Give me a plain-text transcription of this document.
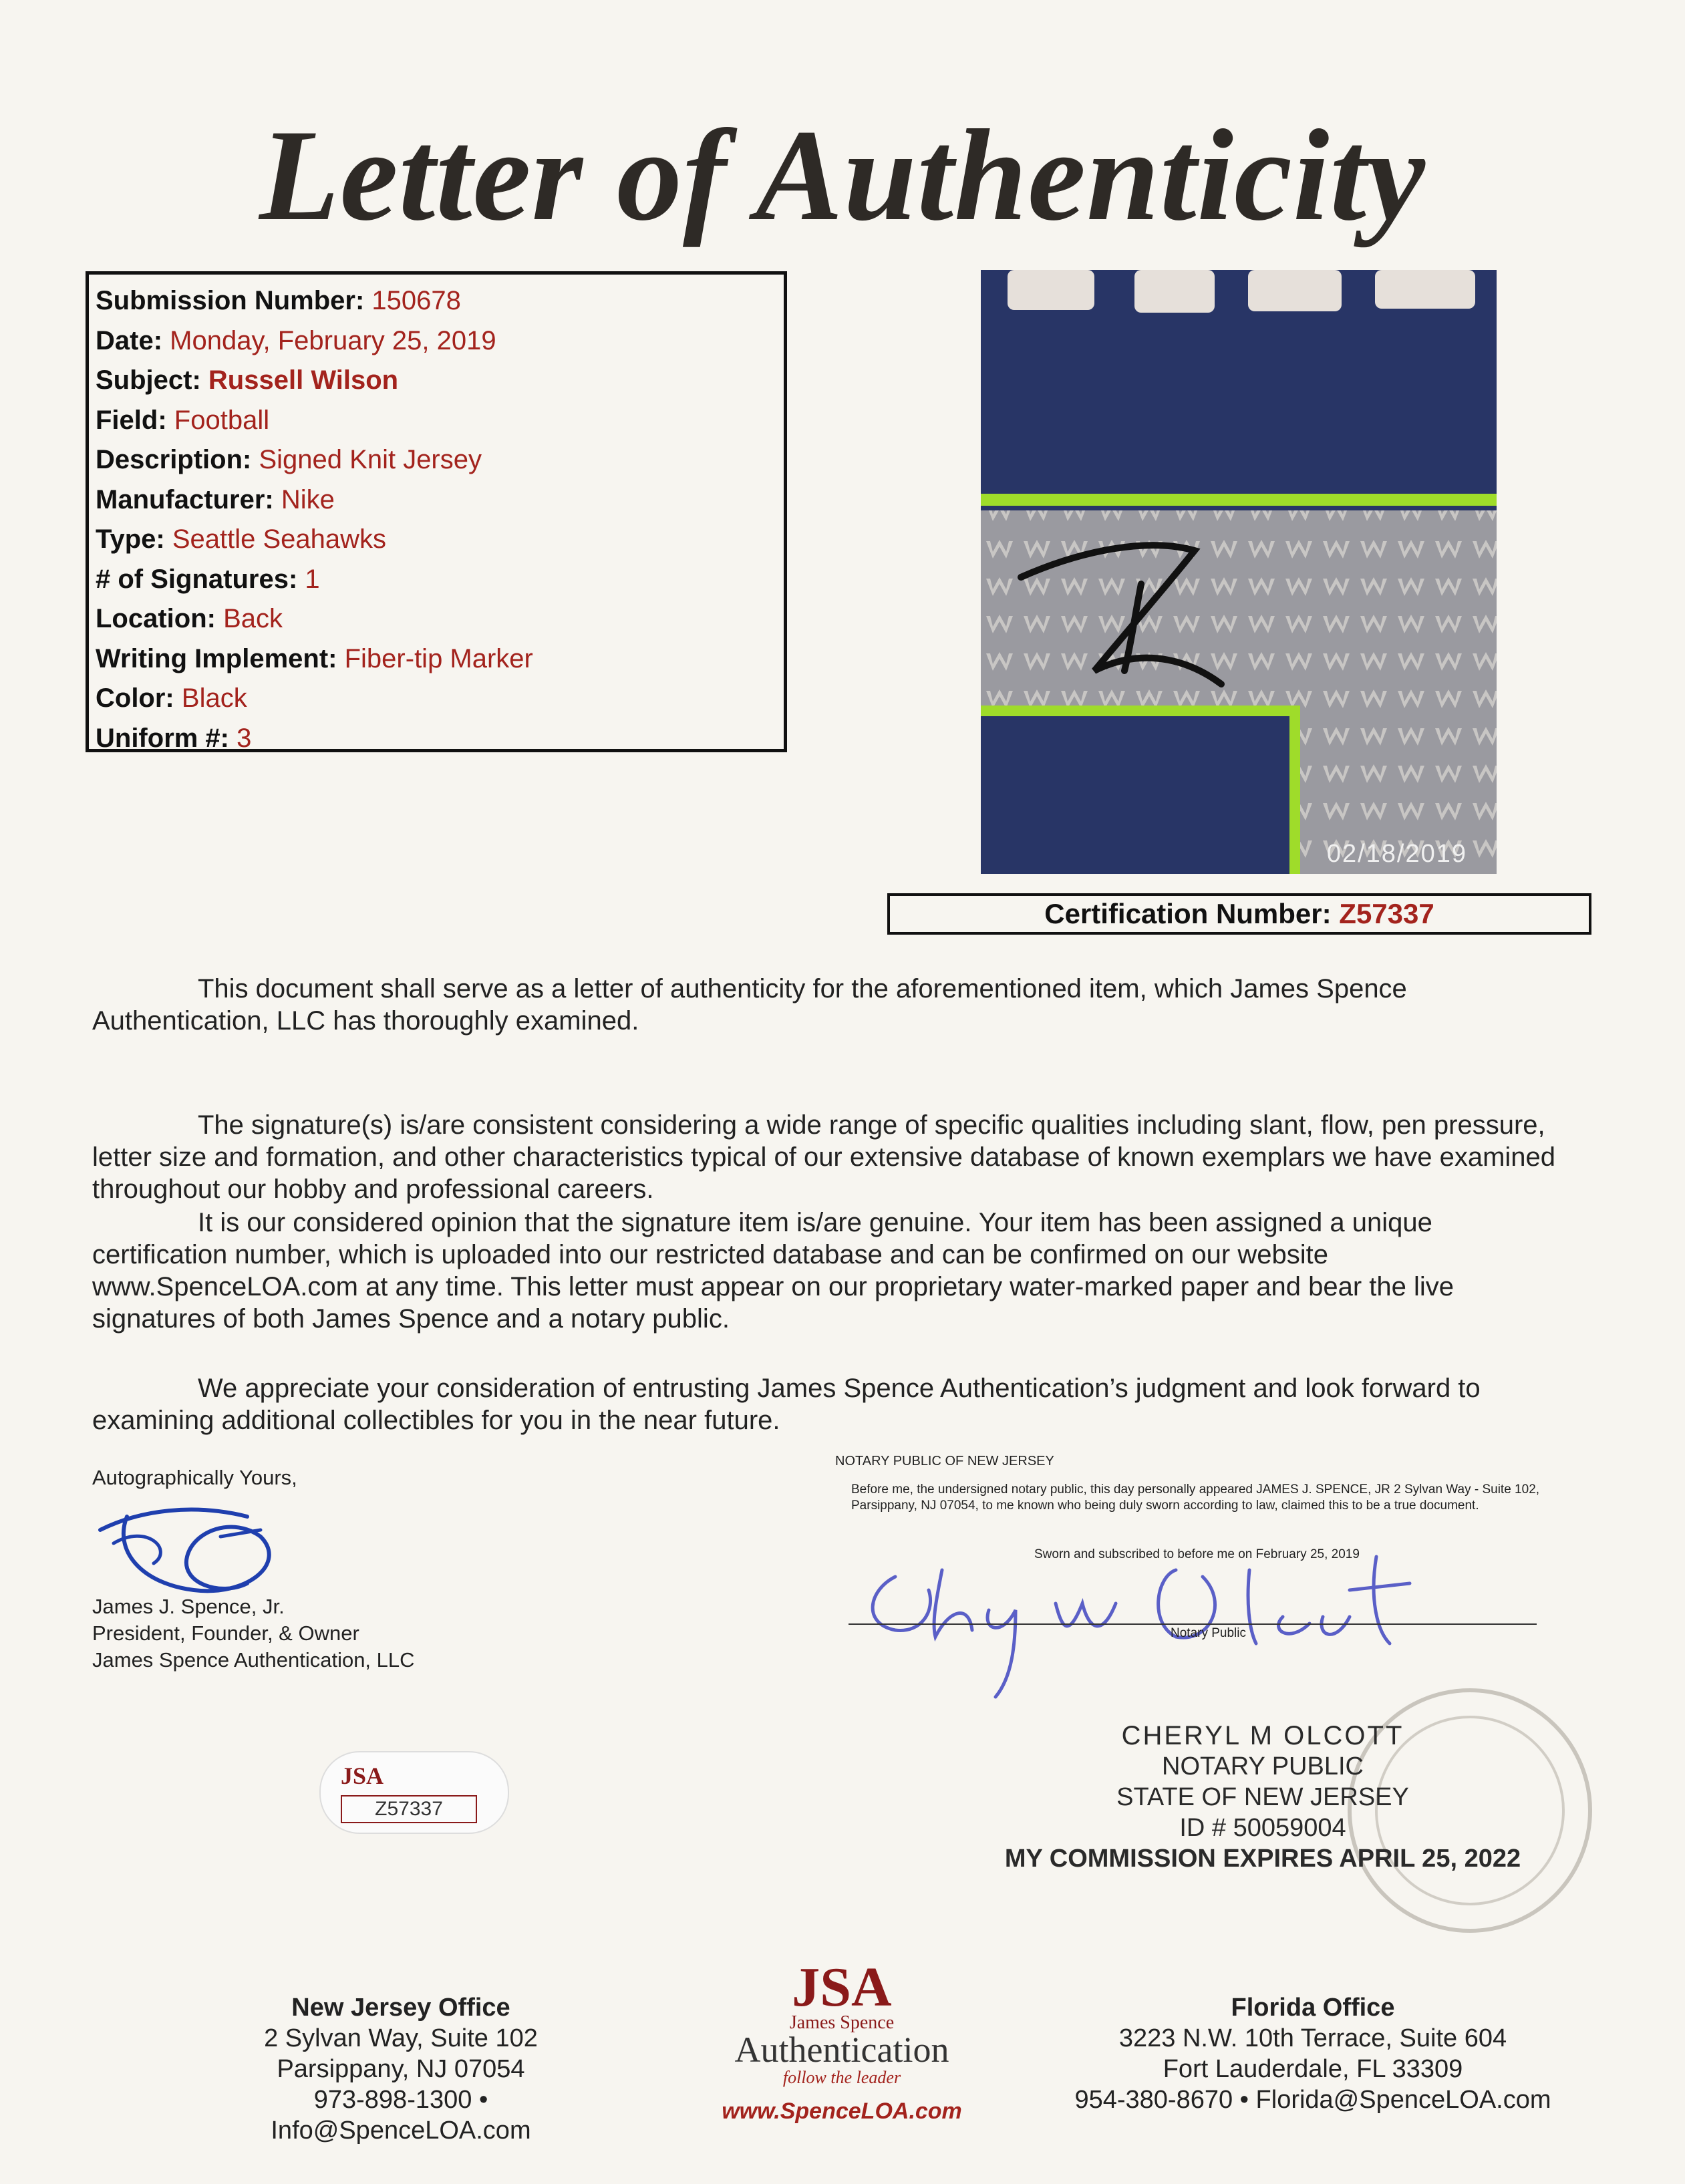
Letter of Authenticity
Submission Number: 150678
Date: Monday, February 25, 2019
Subject: Russell Wilson
Field: Football
Description: Signed Knit Jersey
Manufacturer: Nike
Type: Seattle Seahawks
# of Signatures: 1
Location: Back
Writing Implement: Fiber-tip Marker
Color: Black
Uniform #: 3
02/18/2019
Certification Number: Z57337
This document shall serve as a letter of authenticity for the aforementioned item, which James Spence Authentication, LLC has thoroughly examined.
The signature(s) is/are consistent considering a wide range of specific qualities including slant, flow, pen pressure, letter size and formation, and other characteristics typical of our extensive database of known exemplars we have examined throughout our hobby and professional careers.
It is our considered opinion that the signature item is/are genuine. Your item has been assigned a unique certification number, which is uploaded into our restricted database and can be confirmed on our website www.SpenceLOA.com at any time. This letter must appear on our proprietary water-marked paper and bear the live signatures of both James Spence and a notary public.
We appreciate your consideration of entrusting James Spence Authentication’s judgment and look forward to examining additional collectibles for you in the near future.
Autographically Yours,
James J. Spence, Jr.
President, Founder, & Owner
James Spence Authentication, LLC
JSA
Z57337
NOTARY PUBLIC OF NEW JERSEY
Before me, the undersigned notary public, this day personally appeared JAMES J. SPENCE, JR 2 Sylvan Way - Suite 102, Parsippany, NJ 07054, to me known who being duly sworn according to law, claimed this to be a true document.
Sworn and subscribed to before me on February 25, 2019
Notary Public
CHERYL M OLCOTT
NOTARY PUBLIC
STATE OF NEW JERSEY
ID # 50059004
MY COMMISSION EXPIRES APRIL 25, 2022
New Jersey Office
2 Sylvan Way, Suite 102
Parsippany, NJ 07054
973-898-1300 • Info@SpenceLOA.com
JSA
James Spence
Authentication
follow the leader
www.SpenceLOA.com
Florida Office
3223 N.W. 10th Terrace, Suite 604
Fort Lauderdale, FL 33309
954-380-8670 • Florida@SpenceLOA.com
